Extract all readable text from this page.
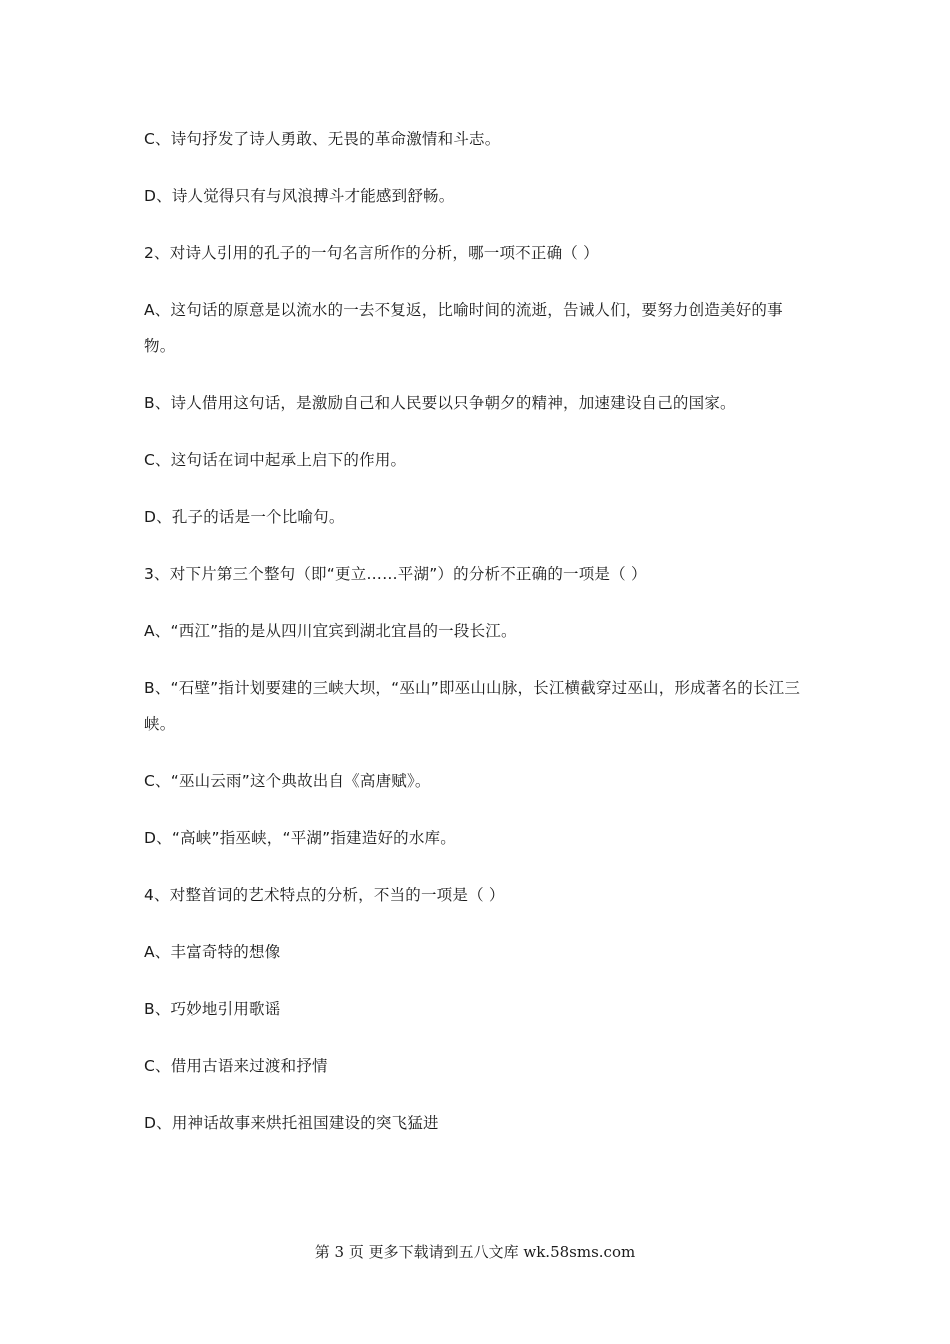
C、诗句抒发了诗人勇敢、无畏的革命激情和斗志。

D、诗人觉得只有与风浪搏斗才能感到舒畅。

2、对诗人引用的孔子的一句名言所作的分析，哪一项不正确（ ）

A、这句话的原意是以流水的一去不复返，比喻时间的流逝，告诫人们，要努力创造美好的事物。

B、诗人借用这句话，是激励自己和人民要以只争朝夕的精神，加速建设自己的国家。

C、这句话在词中起承上启下的作用。

D、孔子的话是一个比喻句。

3、对下片第三个整句（即“更立……平湖”）的分析不正确的一项是（ ）

A、“西江”指的是从四川宜宾到湖北宜昌的一段长江。

B、“石壁”指计划要建的三峡大坝，“巫山”即巫山山脉，长江横截穿过巫山，形成著名的长江三峡。

C、“巫山云雨”这个典故出自《高唐赋》。

D、“高峡”指巫峡，“平湖”指建造好的水库。

4、对整首词的艺术特点的分析，不当的一项是（ ）

A、丰富奇特的想像

B、巧妙地引用歌谣

C、借用古语来过渡和抒情

D、用神话故事来烘托祖国建设的突飞猛进

第 3 页 更多下载请到五八文库 wk.58sms.com
